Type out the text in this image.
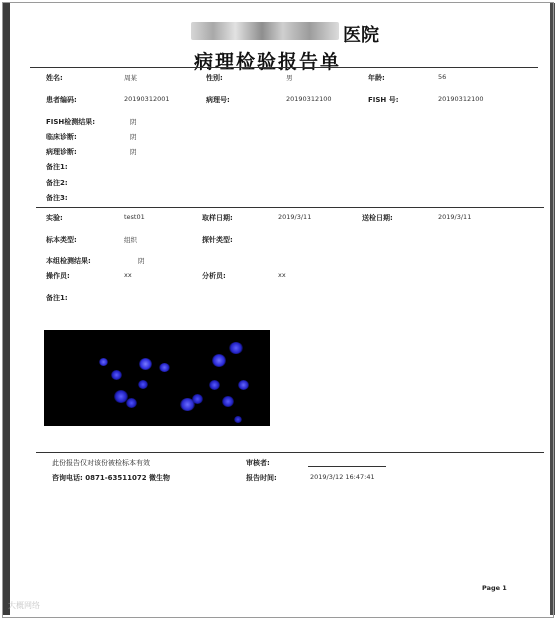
医院
病理检验报告单
姓名:	周某	性别:	男	年龄:	56
患者编码:	20190312001	病理号:	20190312100	FISH 号:	20190312100
FISH检测结果:	阴
临床诊断:	阴
病理诊断:	阴
备注1:
备注2:
备注3:
实验:	test01	取样日期:	2019/3/11	送检日期:	2019/3/11
标本类型:	组织	探针类型:
本组检测结果:	阴
操作员:	xx	分析员:	xx
备注1:
此份报告仅对该份被检标本有效	审核者:
咨询电话: 0871-63511072 微生物	报告时间:	2019/3/12 16:47:41
Page 1
大概网络
